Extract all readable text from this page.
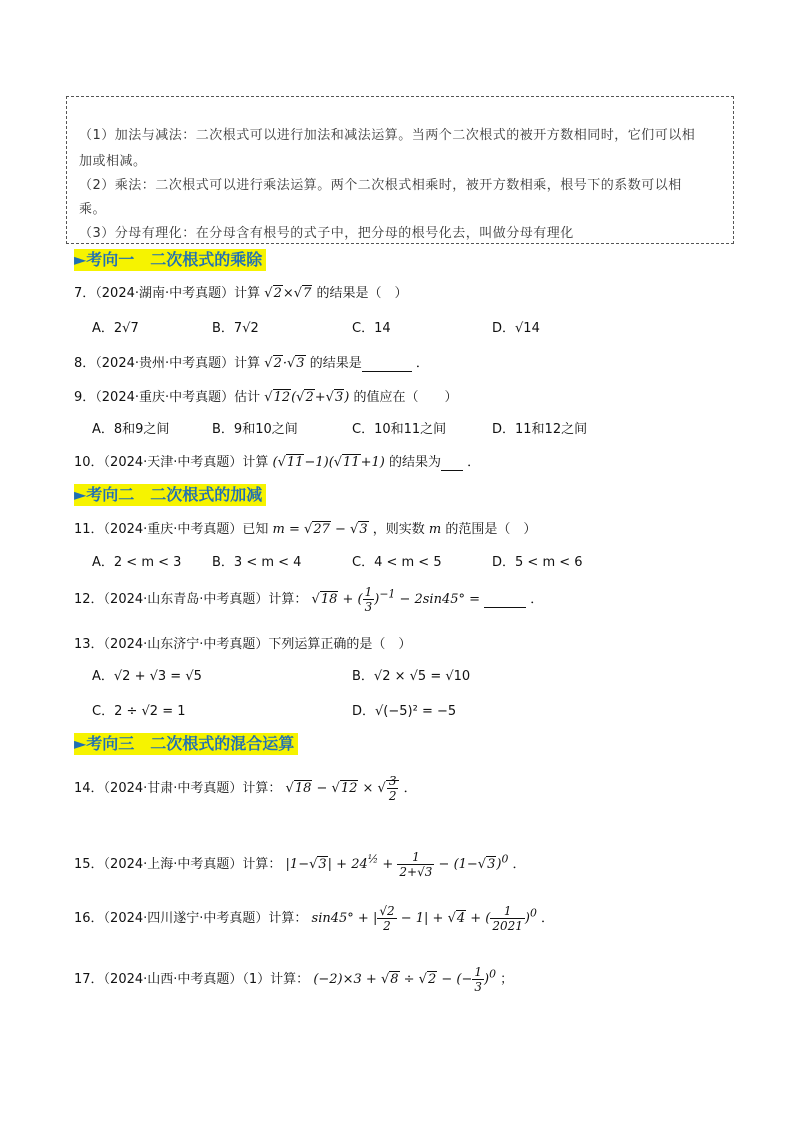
（1）加法与减法：二次根式可以进行加法和减法运算。当两个二次根式的被开方数相同时，它们可以相
加或相减。
（2）乘法：二次根式可以进行乘法运算。两个二次根式相乘时，被开方数相乘，根号下的系数可以相
乘。
（3）分母有理化：在分母含有根号的式子中，把分母的根号化去，叫做分母有理化
►考向一　二次根式的乘除
7．（2024·湖南·中考真题）计算 √2×√7 的结果是（　）
A．2√7	B．7√2	C．14	D．√14
8．（2024·贵州·中考真题）计算 √2·√3 的结果是	．
9．（2024·重庆·中考真题）估计 √12(√2+√3) 的值应在（　　）
A．8和9之间	B．9和10之间	C．10和11之间	D．11和12之间
10．（2024·天津·中考真题）计算 (√11−1)(√11+1) 的结果为 ．
►考向二　二次根式的加减
11．（2024·重庆·中考真题）已知 m = √27 − √3 ，则实数 m 的范围是（　）
A．2 < m < 3 B．3 < m < 4	C．4 < m < 5	D．5 < m < 6
12．（2024·山东青岛·中考真题）计算： √18 + ( $\frac{1}{3} )^{-1} - 2\sin 45^\circ$ =	．
13．（2024·山东济宁·中考真题）下列运算正确的是（　）
A．√2 + √3 = √5	B．√2 × √5 = √10
C．2 ÷ √2 = 1	D．√(−5)² = −5
►考向三　二次根式的混合运算
14．（2024·甘肃·中考真题）计算： √18 − √12 × √ $\frac{3}{2}$ ．
15．（2024·上海·中考真题）计算： $|1-√3| + 24^{\frac{1}{2}} + \frac{1}{2+√3} - (1-√3)^0$ ．
16．（2024·四川遂宁·中考真题）计算： sin45° + | $\frac{√2}{2} - 1| + √4$ + ( $\frac{1}{2021} )^0$ ．
17．（2024·山西·中考真题）（1）计算： (−2)×3 + √8 ÷ √2 − (− $\frac{1}{3} )^0$ ；
